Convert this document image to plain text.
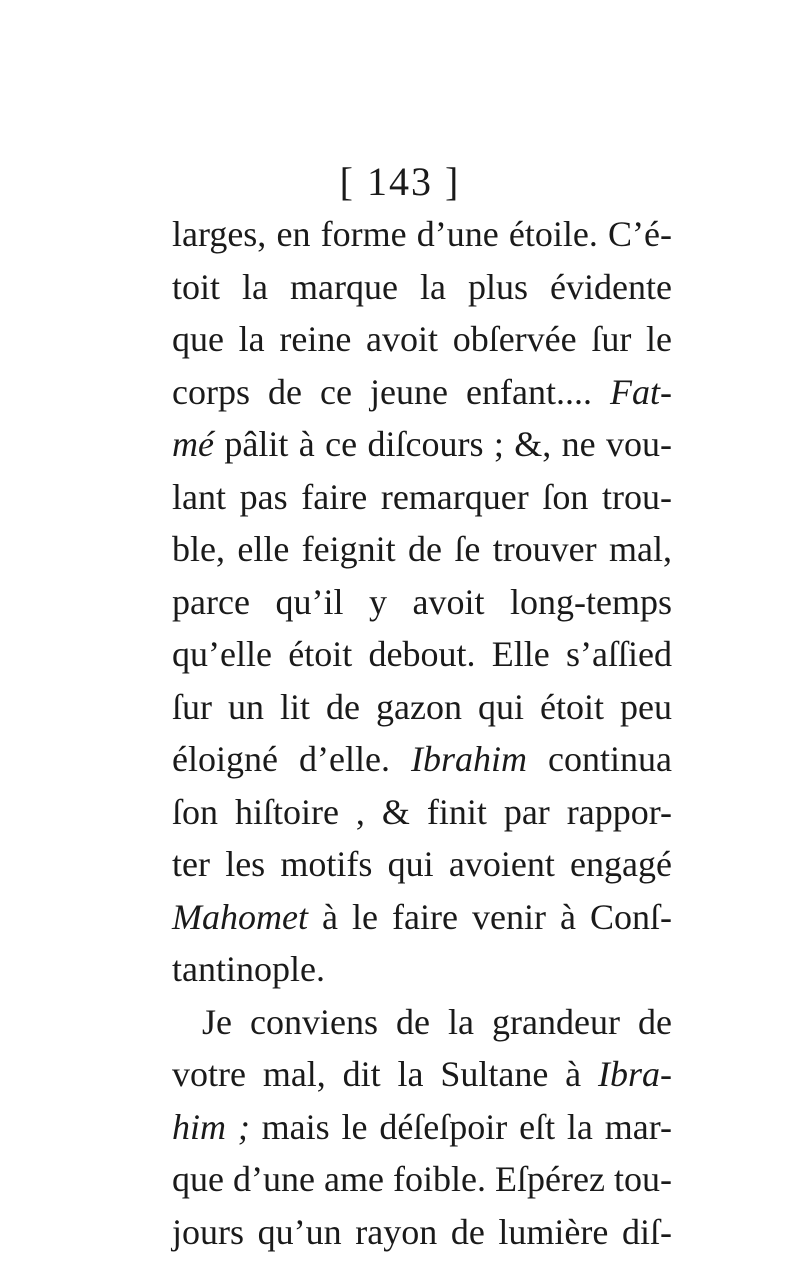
[ 143 ]
larges, en forme d’une étoile. C’é-
toit la marque la plus évidente
que la reine avoit obſervée ſur le
corps de ce jeune enfant.... Fat-
mé pâlit à ce diſcours ; &, ne vou-
lant pas faire remarquer ſon trou-
ble, elle feignit de ſe trouver mal,
parce qu’il y avoit long-temps
qu’elle étoit debout. Elle s’aſſied
ſur un lit de gazon qui étoit peu
éloigné d’elle. Ibrahim continua
ſon hiſtoire , & finit par rappor-
ter les motifs qui avoient engagé
Mahomet à le faire venir à Conſ-
tantinople.
Je conviens de la grandeur de
votre mal, dit la Sultane à Ibra-
him ; mais le déſeſpoir eſt la mar-
que d’une ame foible. Eſpérez tou-
jours qu’un rayon de lumière diſ-
